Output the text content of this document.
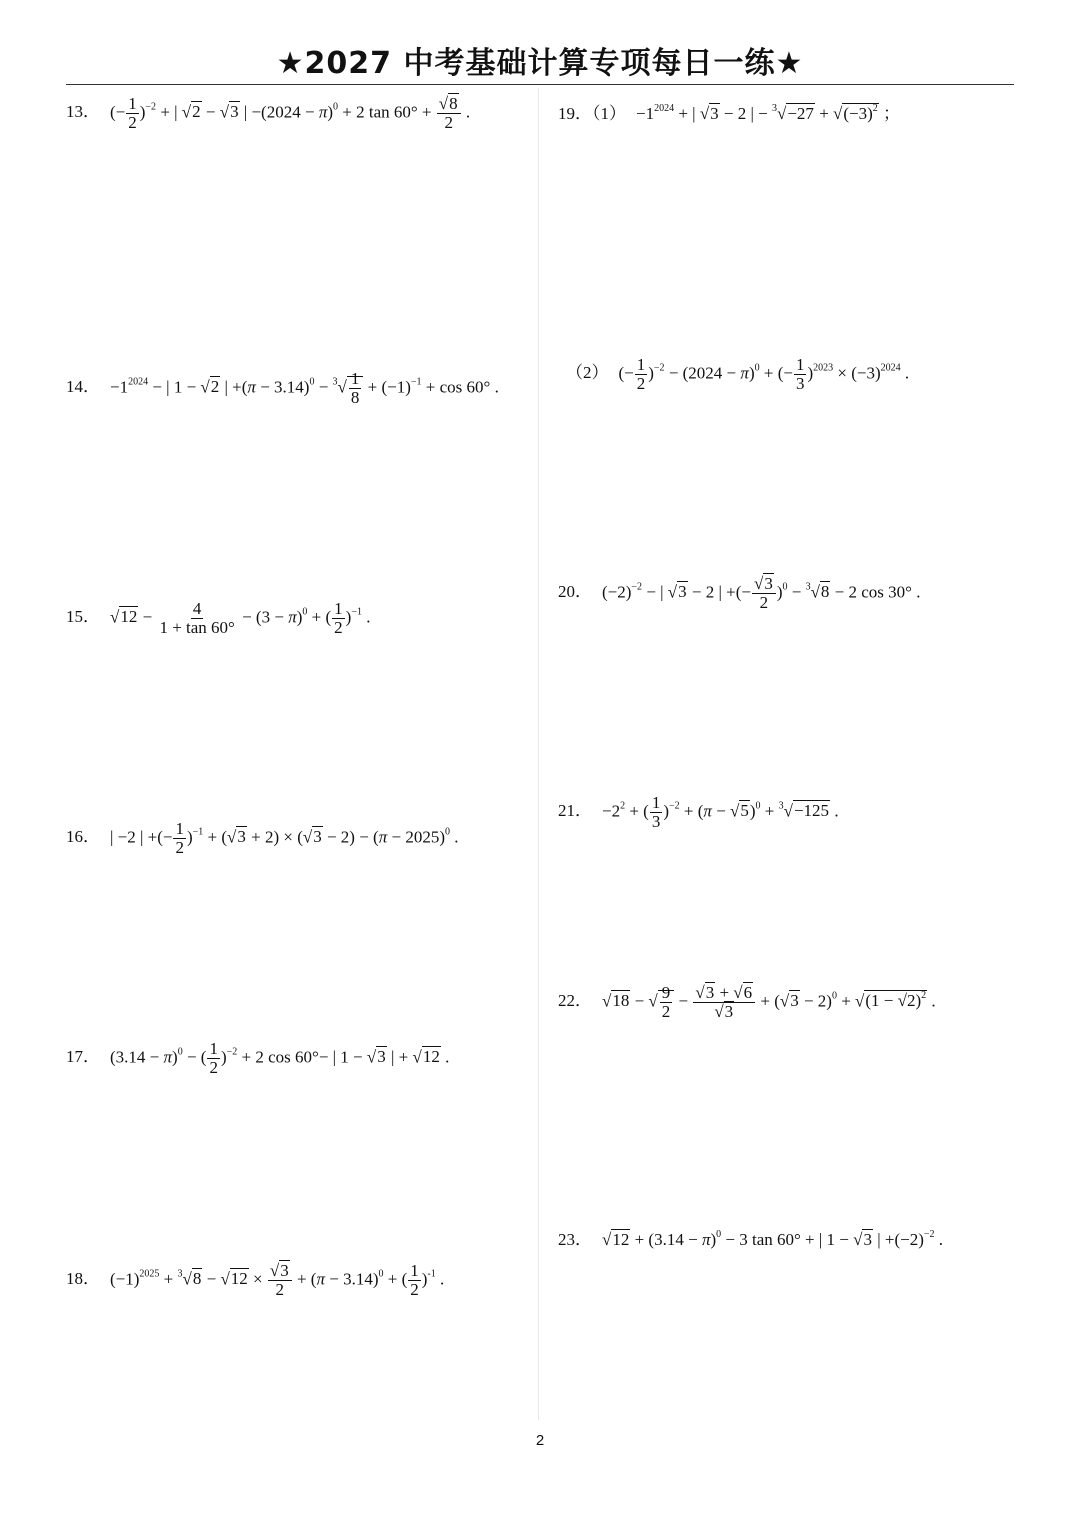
★2027 中考基础计算专项每日一练★
13． (− $\frac{1}{2} )^{-2}$ + | √2 − √3 | $-(2024 - \pi)^0 + 2$ $\tan 60^\circ + \frac{√8}{2}$ .
14． $-1^{2024}$ − | 1 − √2 | $+(\pi - 3.14)^0 - ^3√ \frac{1}{8} + (-1)^{-1} + \cos 60^\circ$ .
15． $√12 - \frac{4}{1 + \tan 60^\circ} - (3 - \pi)^0$ + ( $\frac{1}{2} )^{-1}$ .
16． | −2 | +(− $\frac{1}{2} )^{-1} + (√3 + 2) \times (√3 - 2) - (\pi - 2025)^0$ .
17． $(3.14 - \pi)^0$ − ( $\frac{1}{2} )^{-2} + 2$ cos 60°− | 1 − √3 | + √12 .
18． $(-1)^{2025} + ^3√8 - √12 \times \frac{√3}{2} + (\pi - 3.14)^0$ + ( $\frac{1}{2} )^{-1}$ .
19．$(1) -1^{2024}$ + | √3 − 2 | − $^3√-27 + √(-3)^2$ ；
（2） (− $\frac{1}{2} )^{-2} - (2024 - \pi)^0$ + (− $\frac{1}{3} )^{2023} \times (-3)^{2024}$ .
20． $(-2)^{-2}$ − | √3 − 2 | +(− $\frac{√3}{2} )^0 - ^3√8 - 2$ cos 30° .
21． $-2^2$ + ( $\frac{1}{3} )^{-2} + (\pi - √5)^0 + ^3√-125$ .
22． √18 − √ $\frac{9}{2} - \frac{√3 + √6}{√3} + (√3 - 2)^0 + √(1 - √2)^2$ .
23． $√12 + (3.14 - \pi)^0 - 3$ tan 60° + | 1 − √3 | $+(-2)^{-2}$ .
2
